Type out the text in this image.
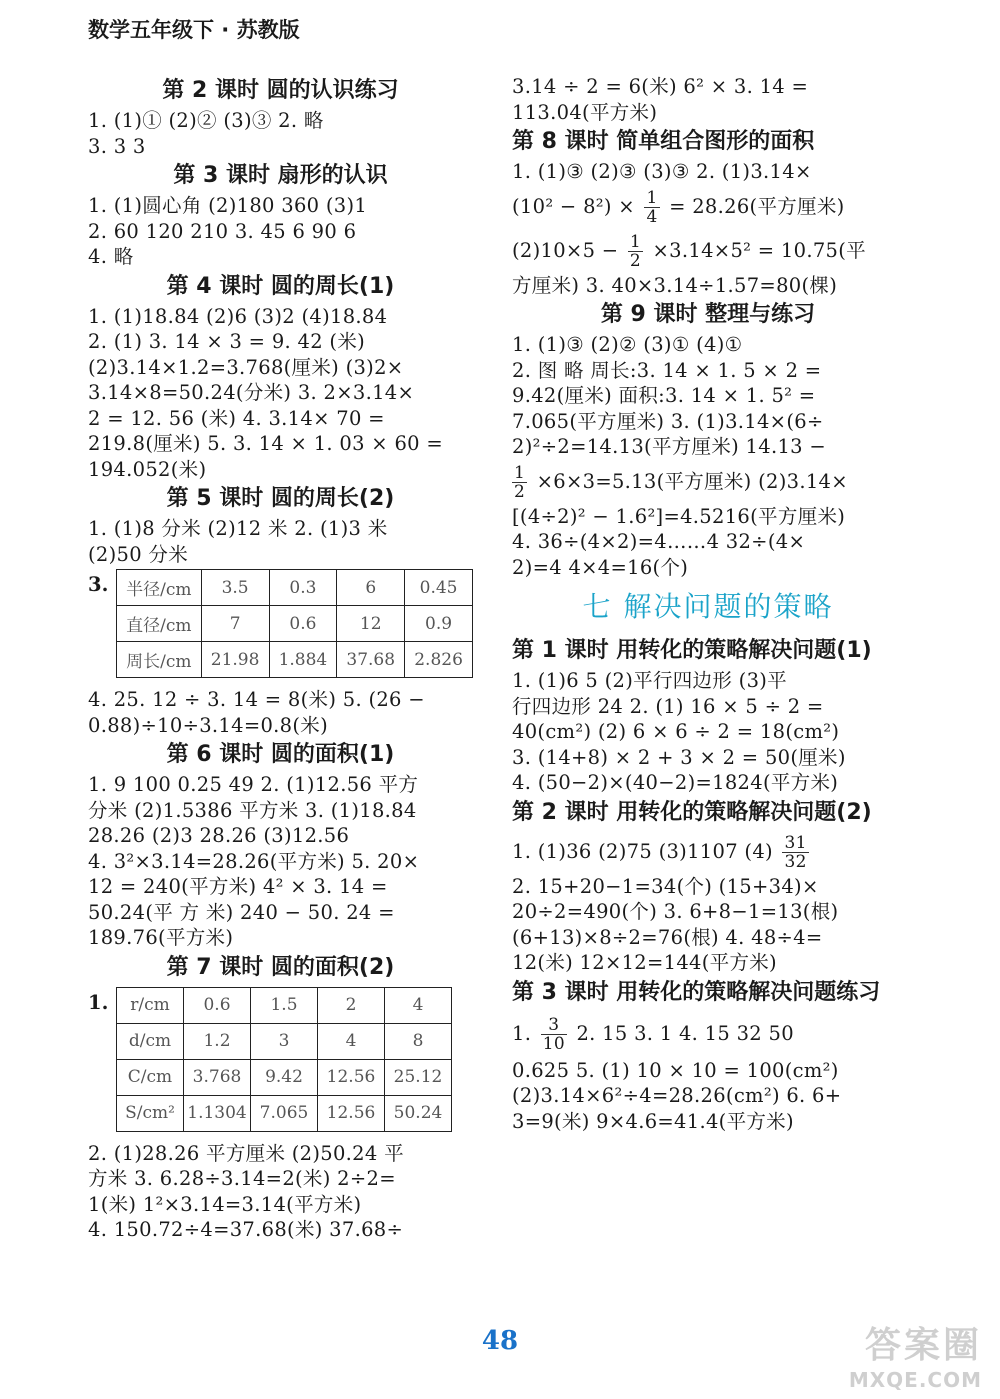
数学五年级下 · 苏教版
第 2 课时 圆的认识练习
1. (1)① (2)② (3)③ 2. 略
3. 3 3
第 3 课时 扇形的认识
1. (1)圆心角 (2)180 360 (3)1
2. 60 120 210 3. 45 6 90 6
4. 略
第 4 课时 圆的周长(1)
1. (1)18.84 (2)6 (3)2 (4)18.84
2. (1) 3. 14 × 3 = 9. 42 (米)
(2)3.14×1.2=3.768(厘米) (3)2×
3.14×8=50.24(分米) 3. 2×3.14×
2 = 12. 56 (米) 4. 3.14× 70 =
219.8(厘米) 5. 3. 14 × 1. 03 × 60 =
194.052(米)
第 5 课时 圆的周长(2)
1. (1)8 分米 (2)12 米 2. (1)3 米
(2)50 分米
3. 半径/cm	3.5	0.3	6	0.45
直径/cm	7	0.6	12	0.9
周长/cm	21.98	1.884	37.68	2.826
4. 25. 12 ÷ 3. 14 = 8(米) 5. (26 −
0.88)÷10÷3.14=0.8(米)
第 6 课时 圆的面积(1)
1. 9 100 0.25 49 2. (1)12.56 平方
分米 (2)1.5386 平方米 3. (1)18.84
28.26 (2)3 28.26 (3)12.56
4. 3²×3.14=28.26(平方米) 5. 20×
12 = 240(平方米) 4² × 3. 14 =
50.24(平 方 米) 240 − 50. 24 =
189.76(平方米)
第 7 课时 圆的面积(2)
1. r/cm	0.6	1.5	2	4
d/cm	1.2	3	4	8
C/cm	3.768	9.42	12.56	25.12
S/cm²	1.1304	7.065	12.56	50.24
2. (1)28.26 平方厘米 (2)50.24 平
方米 3. 6.28÷3.14=2(米) 2÷2=
1(米) 1²×3.14=3.14(平方米)
4. 150.72÷4=37.68(米) 37.68÷
3.14 ÷ 2 = 6(米) 6² × 3. 14 =
113.04(平方米)
第 8 课时 简单组合图形的面积
1. (1)③ (2)③ (3)③ 2. (1)3.14×
$(10^2 - 8^2) \times \frac{1}{4} = 28.26$(平方厘米)
$(2)10\times 5 - \frac{1}{2} \times 3.14\times 5^2 = 10.75$(平
方厘米) 3. 40×3.14÷1.57=80(棵)
第 9 课时 整理与练习
1. (1)③ (2)② (3)① (4)①
2. 图 略 周长:3. 14 × 1. 5 × 2 =
9.42(厘米) 面积:3. 14 × 1. 5² =
7.065(平方厘米) 3. (1)3.14×(6÷
2)²÷2=14.13(平方厘米) 14.13 −
$\frac{1}{2} \times 6\times 3=5.13$(平方厘米) (2)3.14×
[(4÷2)² − 1.6²]=4.5216(平方厘米)
4. 36÷(4×2)=4……4 32÷(4×
2)=4 4×4=16(个)
七 解决问题的策略
第 1 课时 用转化的策略解决问题(1)
1. (1)6 5 (2)平行四边形 (3)平
行四边形 24 2. (1) 16 × 5 ÷ 2 =
40(cm²) (2) 6 × 6 ÷ 2 = 18(cm²)
3. (14+8) × 2 + 3 × 2 = 50(厘米)
4. (50−2)×(40−2)=1824(平方米)
第 2 课时 用转化的策略解决问题(2)
1. (1)36 (2)75 (3)1107 $(4) \frac{31}{32}$
2. 15+20−1=34(个) (15+34)×
20÷2=490(个) 3. 6+8−1=13(根)
(6+13)×8÷2=76(根) 4. 48÷4=
12(米) 12×12=144(平方米)
第 3 课时 用转化的策略解决问题练习
1. $\frac{3}{10} 2$. 15 3. 1 4. 15 32 50
0.625 5. (1) 10 × 10 = 100(cm²)
(2)3.14×6²÷4=28.26(cm²) 6. 6+
3=9(米) 9×4.6=41.4(平方米)
48	答案圈
MXQE.COM
